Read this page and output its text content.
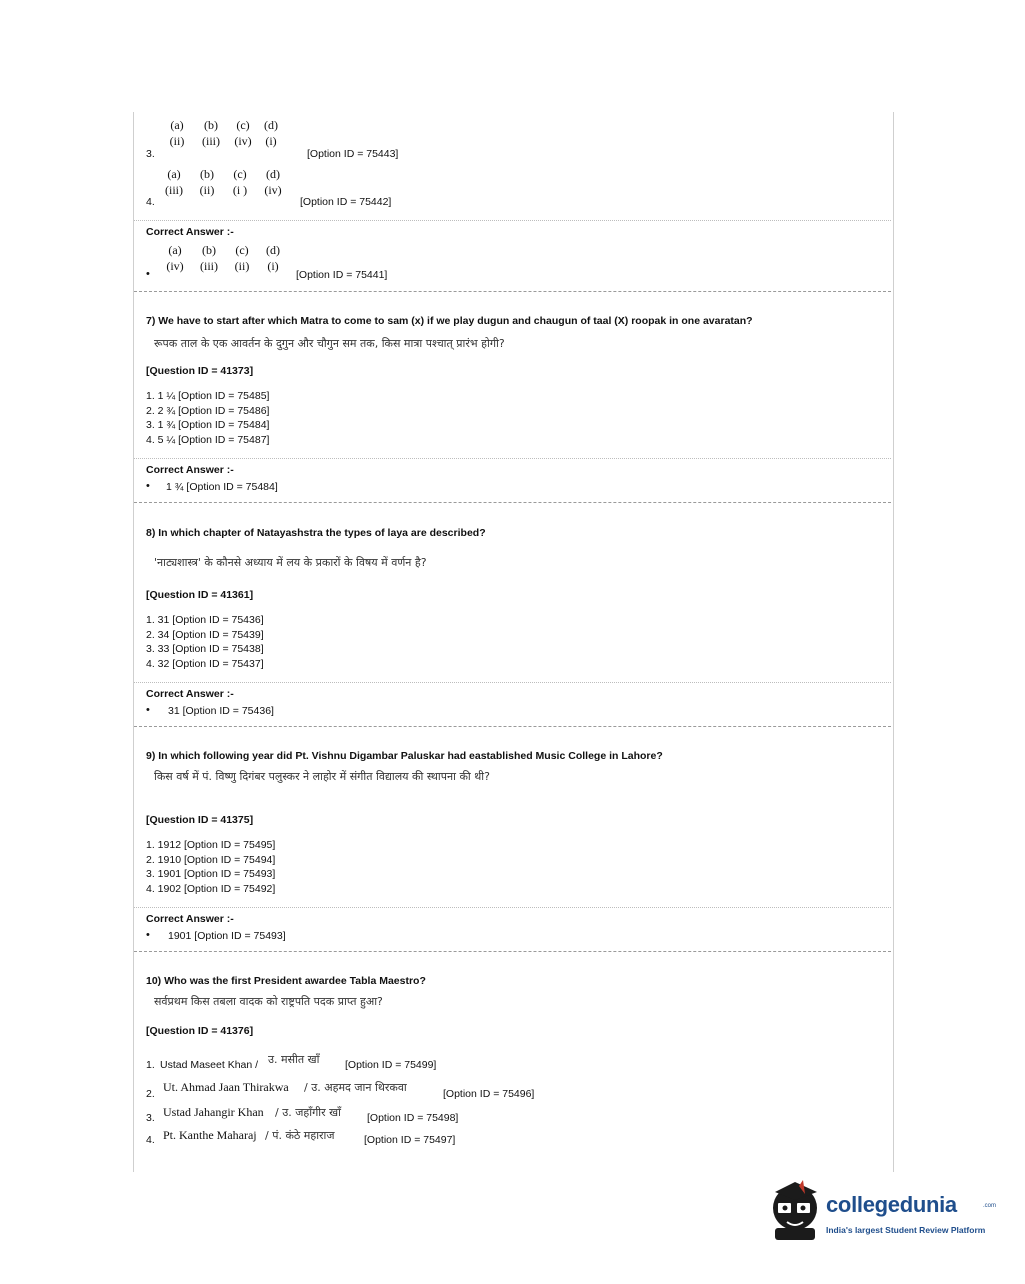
(a)	(b)	(c)	(d)
(ii)	(iii)	(iv)	(i)
3.	[Option ID = 75443]
(a)	(b)	(c)	(d)
(iii)	(ii)	(i )	(iv)
4.	[Option ID = 75442]
Correct Answer :-
(a)	(b)	(c)	(d)
(iv)	(iii)	(ii)	(i)
•	[Option ID = 75441]
7) We have to start after which Matra to come to sam (x) if we play dugun and chaugun of taal (X) roopak in one avaratan?
रूपक ताल के एक आवर्तन के दुगुन और चौगुन सम तक, किस मात्रा पश्चात् प्रारंभ होगी?
[Question ID = 41373]
1. 1 ¼ [Option ID = 75485]
2. 2 ¾ [Option ID = 75486]
3. 1 ¾ [Option ID = 75484]
4. 5 ¼ [Option ID = 75487]
Correct Answer :-
• 1 ¾ [Option ID = 75484]
8) In which chapter of Natayashstra the types of laya are described?
'नाट्यशास्त्र' के कौनसे अध्याय में लय के प्रकारों के विषय में वर्णन है?
[Question ID = 41361]
1. 31 [Option ID = 75436]
2. 34 [Option ID = 75439]
3. 33 [Option ID = 75438]
4. 32 [Option ID = 75437]
Correct Answer :-
• 31 [Option ID = 75436]
9) In which following year did Pt. Vishnu Digambar Paluskar had eastablished Music College in Lahore?
किस वर्ष में पं. विष्णु दिगंबर पलुस्कर ने लाहोर में संगीत विद्यालय की स्थापना की थी?
[Question ID = 41375]
1. 1912 [Option ID = 75495]
2. 1910 [Option ID = 75494]
3. 1901 [Option ID = 75493]
4. 1902 [Option ID = 75492]
Correct Answer :-
• 1901 [Option ID = 75493]
10) Who was the first President awardee Tabla Maestro?
सर्वप्रथम किस तबला वादक को राष्ट्रपति पदक प्राप्त हुआ?
[Question ID = 41376]
1. Ustad Maseet Khan / उ. मसीत खाँ [Option ID = 75499]
2. Ut. Ahmad Jaan Thirakwa / उ. अहमद जान थिरकवा	[Option ID = 75496]
3. Ustad Jahangir Khan / उ. जहाँगीर खाँ [Option ID = 75498]
4. Pt. Kanthe Maharaj / पं. कंठे महाराज	[Option ID = 75497]
collegedunia	.com
India's largest Student Review Platform
